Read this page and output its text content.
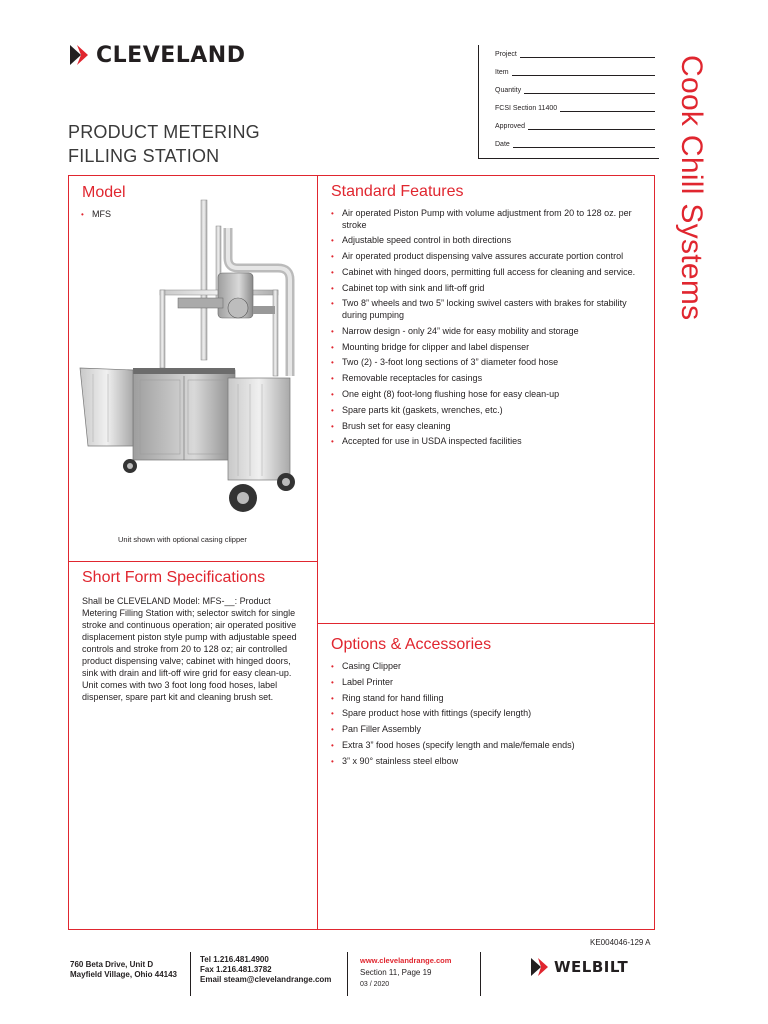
CLEVELAND
PRODUCT METERING
FILLING STATION
Project
Item
Quantity
FCSI Section 11400
Approved
Date	Cook Chill Systems
Model
• MFS
Unit shown with optional casing clipper
Standard Features
• Air operated Piston Pump with volume adjustment from 20 to 128 oz. per stroke
• Adjustable speed control in both directions
• Air operated product dispensing valve assures accurate portion control
• Cabinet with hinged doors, permitting full access for cleaning and service.
• Cabinet top with sink and lift-off grid
• Two 8” wheels and two 5” locking swivel casters with brakes for stability during pumping
• Narrow design - only 24” wide for easy mobility and storage
• Mounting bridge for clipper and label dispenser
• Two (2) - 3-foot long sections of 3” diameter food hose
• Removable receptacles for casings
• One eight (8) foot-long flushing hose for easy clean-up
• Spare parts kit (gaskets, wrenches, etc.)
• Brush set for easy cleaning
• Accepted for use in USDA inspected facilities
Short Form Specifications
Shall be CLEVELAND Model: MFS-__: Product Metering Filling Station with; selector switch for single stroke and continuous operation; air operated positive displacement piston style pump with adjustable speed controls and stroke from 20 to 128 oz; air controlled product dispensing valve; cabinet with hinged doors, sink with drain and lift-off wire grid for easy clean-up. Unit comes with two 3 foot long food hoses, label dispenser, spare part kit and cleaning brush set.
Options & Accessories
• Casing Clipper
• Label Printer
• Ring stand for hand filling
• Spare product hose with fittings (specify length)
• Pan Filler Assembly
• Extra 3” food hoses (specify length and male/female ends)
• 3” x 90° stainless steel elbow
KE004046-129 A
760 Beta Drive, Unit D
Mayfield Village, Ohio 44143
Tel 1.216.481.4900
Fax 1.216.481.3782
Email steam@clevelandrange.com
www.clevelandrange.com
Section 11, Page 19
03 / 2020
WELBILT
